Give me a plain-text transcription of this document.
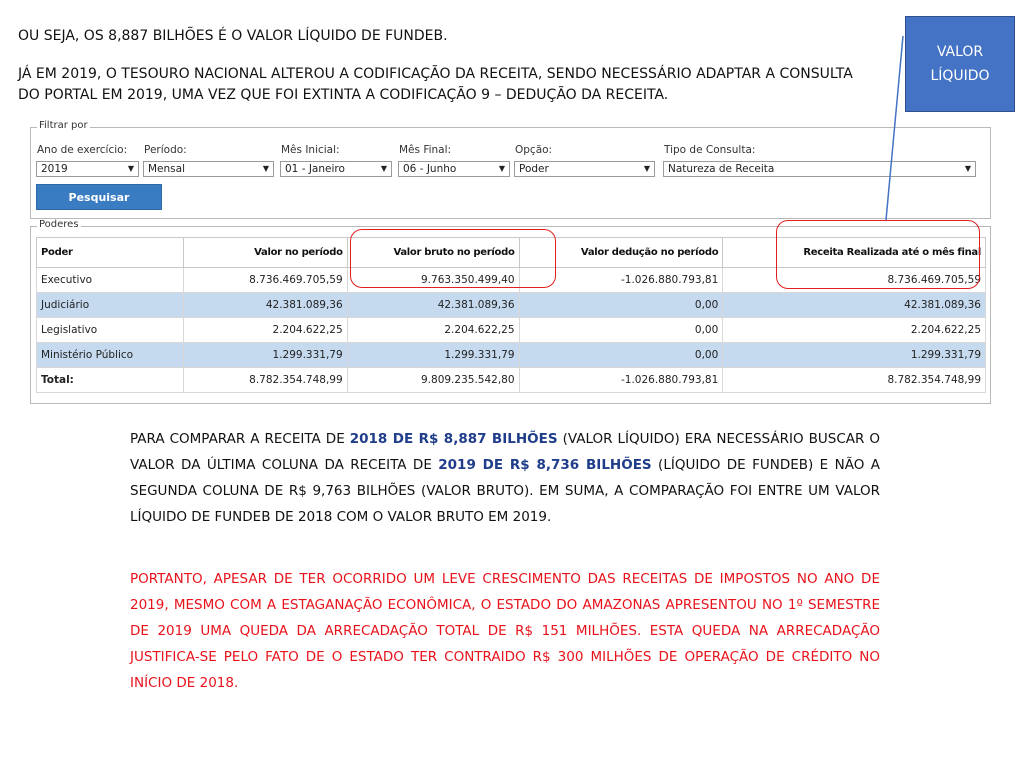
OU SEJA, OS 8,887 BILHÕES É O VALOR LÍQUIDO DE FUNDEB.
JÁ EM 2019, O TESOURO NACIONAL ALTEROU A CODIFICAÇÃO DA RECEITA, SENDO NECESSÁRIO ADAPTAR A CONSULTA DO PORTAL EM 2019, UMA VEZ QUE FOI EXTINTA A CODIFICAÇÃO 9 – DEDUÇÃO DA RECEITA.
VALOR
LÍQUIDO
Filtrar por
Ano de exercício:
2019	▼
Período:
Mensal	▼
Mês Inicial:
01 - Janeiro	▼
Mês Final:
06 - Junho	▼
Opção:
Poder	▼
Tipo de Consulta:
Natureza de Receita	▼
Pesquisar
Poderes
Poder	Valor no período	Valor bruto no período	Valor dedução no período	Receita Realizada até o mês final
Executivo	8.736.469.705,59	9.763.350.499,40	-1.026.880.793,81	8.736.469.705,59
Judiciário	42.381.089,36	42.381.089,36	0,00	42.381.089,36
Legislativo	2.204.622,25	2.204.622,25	0,00	2.204.622,25
Ministério Público	1.299.331,79	1.299.331,79	0,00	1.299.331,79
Total:	8.782.354.748,99	9.809.235.542,80	-1.026.880.793,81	8.782.354.748,99
PARA COMPARAR A RECEITA DE 2018 DE R$ 8,887 BILHÕES (VALOR LÍQUIDO) ERA NECESSÁRIO BUSCAR O VALOR DA ÚLTIMA COLUNA DA RECEITA DE 2019 DE R$ 8,736 BILHÕES (LÍQUIDO DE FUNDEB) E NÃO A SEGUNDA COLUNA DE R$ 9,763 BILHÕES (VALOR BRUTO). EM SUMA, A COMPARAÇÃO FOI ENTRE UM VALOR LÍQUIDO DE FUNDEB DE 2018 COM O VALOR BRUTO EM 2019.
PORTANTO, APESAR DE TER OCORRIDO UM LEVE CRESCIMENTO DAS RECEITAS DE IMPOSTOS NO ANO DE 2019, MESMO COM A ESTAGANAÇÃO ECONÔMICA, O ESTADO DO AMAZONAS APRESENTOU NO 1º SEMESTRE DE 2019 UMA QUEDA DA ARRECADAÇÃO TOTAL DE R$ 151 MILHÕES. ESTA QUEDA NA ARRECADAÇÃO JUSTIFICA-SE PELO FATO DE O ESTADO TER CONTRAIDO R$ 300 MILHÕES DE OPERAÇÃO DE CRÉDITO NO INÍCIO DE 2018.
